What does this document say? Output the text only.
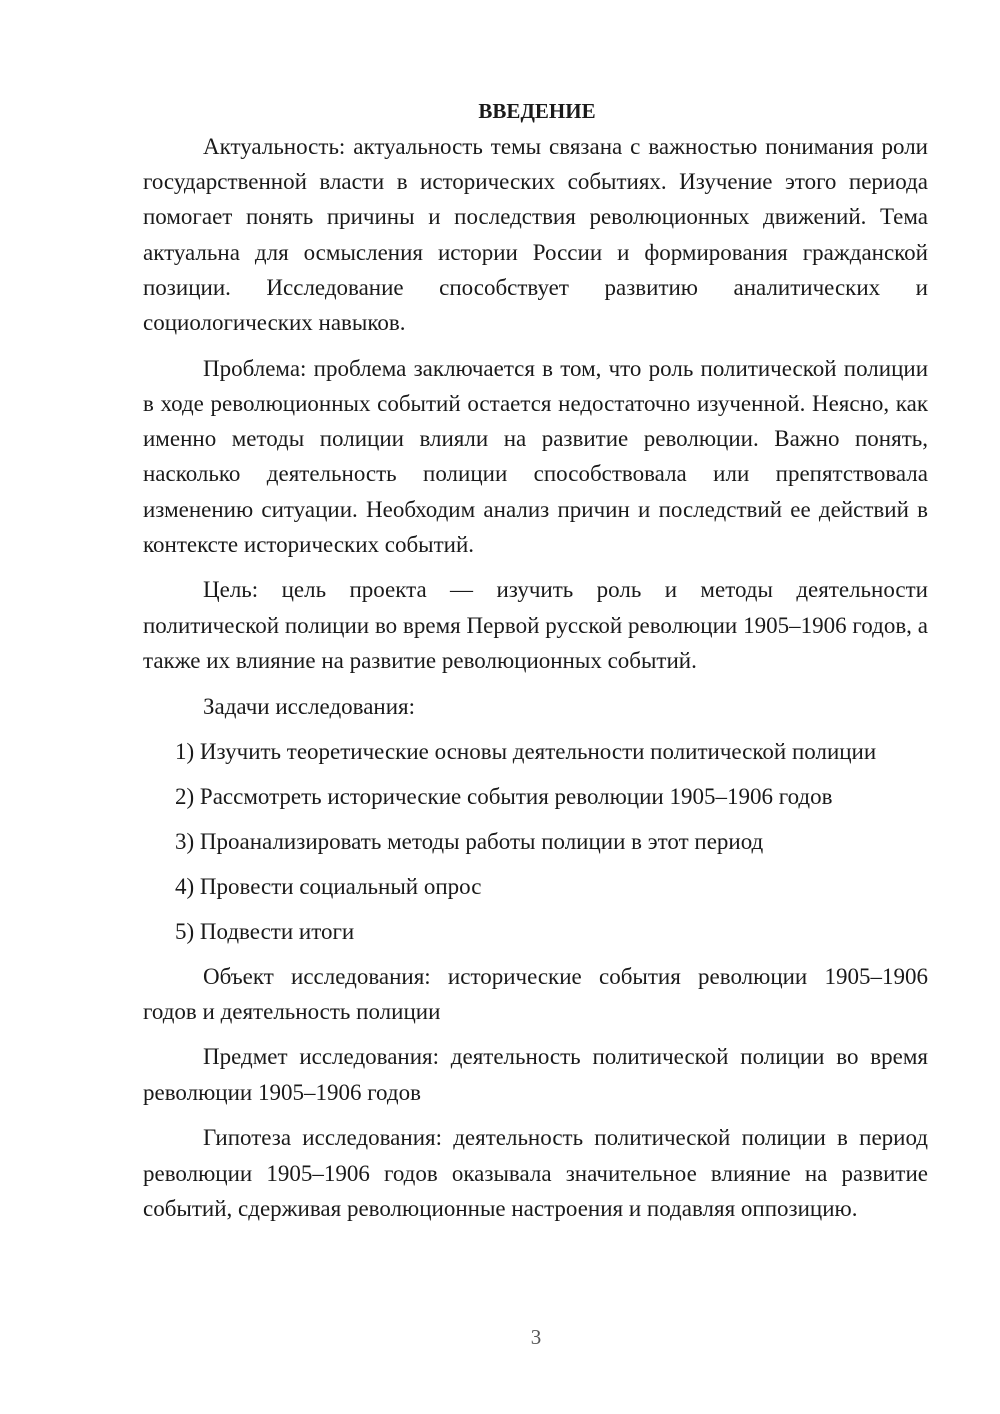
ВВЕДЕНИЕ

Актуальность: актуальность темы связана с важностью понимания роли государственной власти в исторических событиях. Изучение этого периода помогает понять причины и последствия революционных движений. Тема актуальна для осмысления истории России и формирования гражданской позиции. Исследование способствует развитию аналитических и социологических навыков.

Проблема: проблема заключается в том, что роль политической полиции в ходе революционных событий остается недостаточно изученной. Неясно, как именно методы полиции влияли на развитие революции. Важно понять, насколько деятельность полиции способствовала или препятствовала изменению ситуации. Необходим анализ причин и последствий ее действий в контексте исторических событий.

Цель: цель проекта — изучить роль и методы деятельности политической полиции во время Первой русской революции 1905–1906 годов, а также их влияние на развитие революционных событий.

Задачи исследования:
1) Изучить теоретические основы деятельности политической полиции
2) Рассмотреть исторические события революции 1905–1906 годов
3) Проанализировать методы работы полиции в этот период
4) Провести социальный опрос
5) Подвести итоги

Объект исследования: исторические события революции 1905–1906 годов и деятельность полиции

Предмет исследования: деятельность политической полиции во время революции 1905–1906 годов

Гипотеза исследования: деятельность политической полиции в период революции 1905–1906 годов оказывала значительное влияние на развитие событий, сдерживая революционные настроения и подавляя оппозицию.

3
